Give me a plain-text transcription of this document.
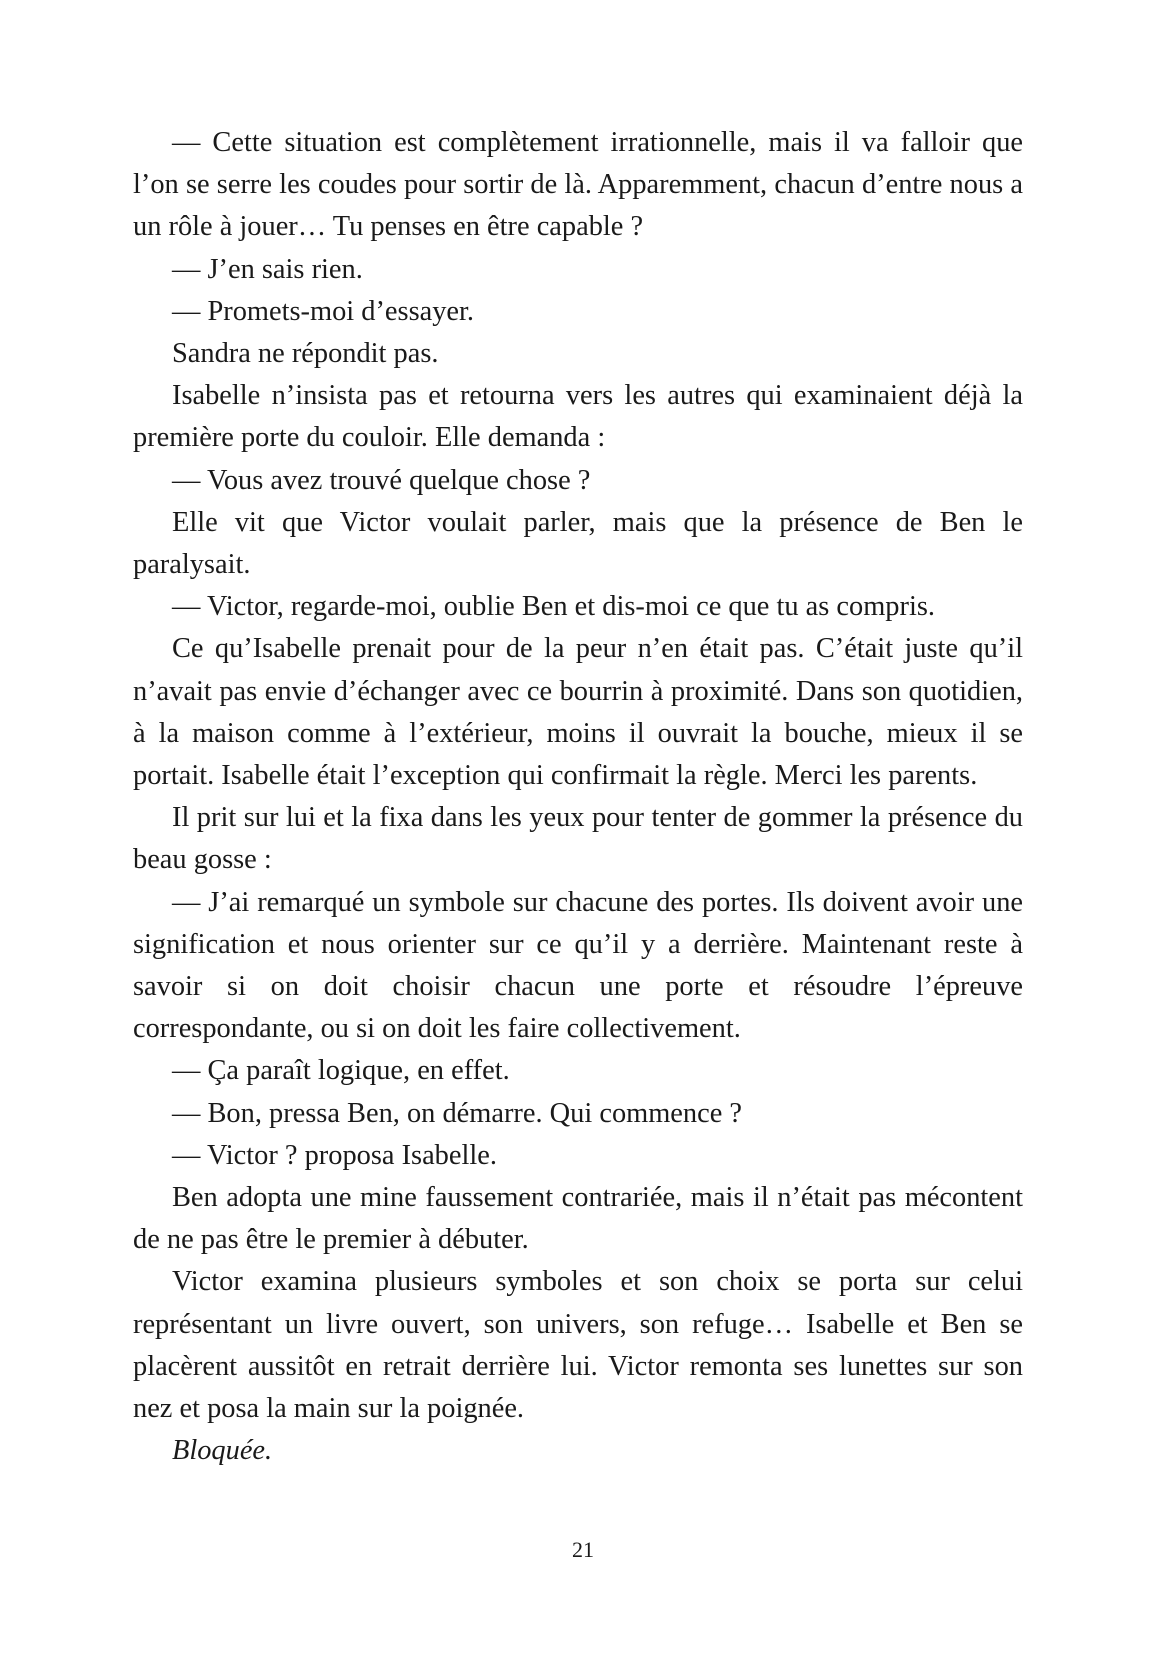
— Cette situation est complètement irrationnelle, mais il va falloir que l’on se serre les coudes pour sortir de là. Apparemment, chacun d’entre nous a un rôle à jouer… Tu penses en être capable ?

— J’en sais rien.

— Promets-moi d’essayer.

Sandra ne répondit pas.

Isabelle n’insista pas et retourna vers les autres qui examinaient déjà la première porte du couloir. Elle demanda :

— Vous avez trouvé quelque chose ?

Elle vit que Victor voulait parler, mais que la présence de Ben le paralysait.

— Victor, regarde-moi, oublie Ben et dis-moi ce que tu as compris.

Ce qu’Isabelle prenait pour de la peur n’en était pas. C’était juste qu’il n’avait pas envie d’échanger avec ce bourrin à proximité. Dans son quotidien, à la maison comme à l’extérieur, moins il ouvrait la bouche, mieux il se portait. Isabelle était l’exception qui confirmait la règle. Merci les parents.

Il prit sur lui et la fixa dans les yeux pour tenter de gommer la présence du beau gosse :

— J’ai remarqué un symbole sur chacune des portes. Ils doivent avoir une signification et nous orienter sur ce qu’il y a derrière. Maintenant reste à savoir si on doit choisir chacun une porte et résoudre l’épreuve correspondante, ou si on doit les faire collectivement.

— Ça paraît logique, en effet.

— Bon, pressa Ben, on démarre. Qui commence ?

— Victor ? proposa Isabelle.

Ben adopta une mine faussement contrariée, mais il n’était pas mécontent de ne pas être le premier à débuter.

Victor examina plusieurs symboles et son choix se porta sur celui représentant un livre ouvert, son univers, son refuge… Isabelle et Ben se placèrent aussitôt en retrait derrière lui. Victor remonta ses lunettes sur son nez et posa la main sur la poignée.

Bloquée.

21
